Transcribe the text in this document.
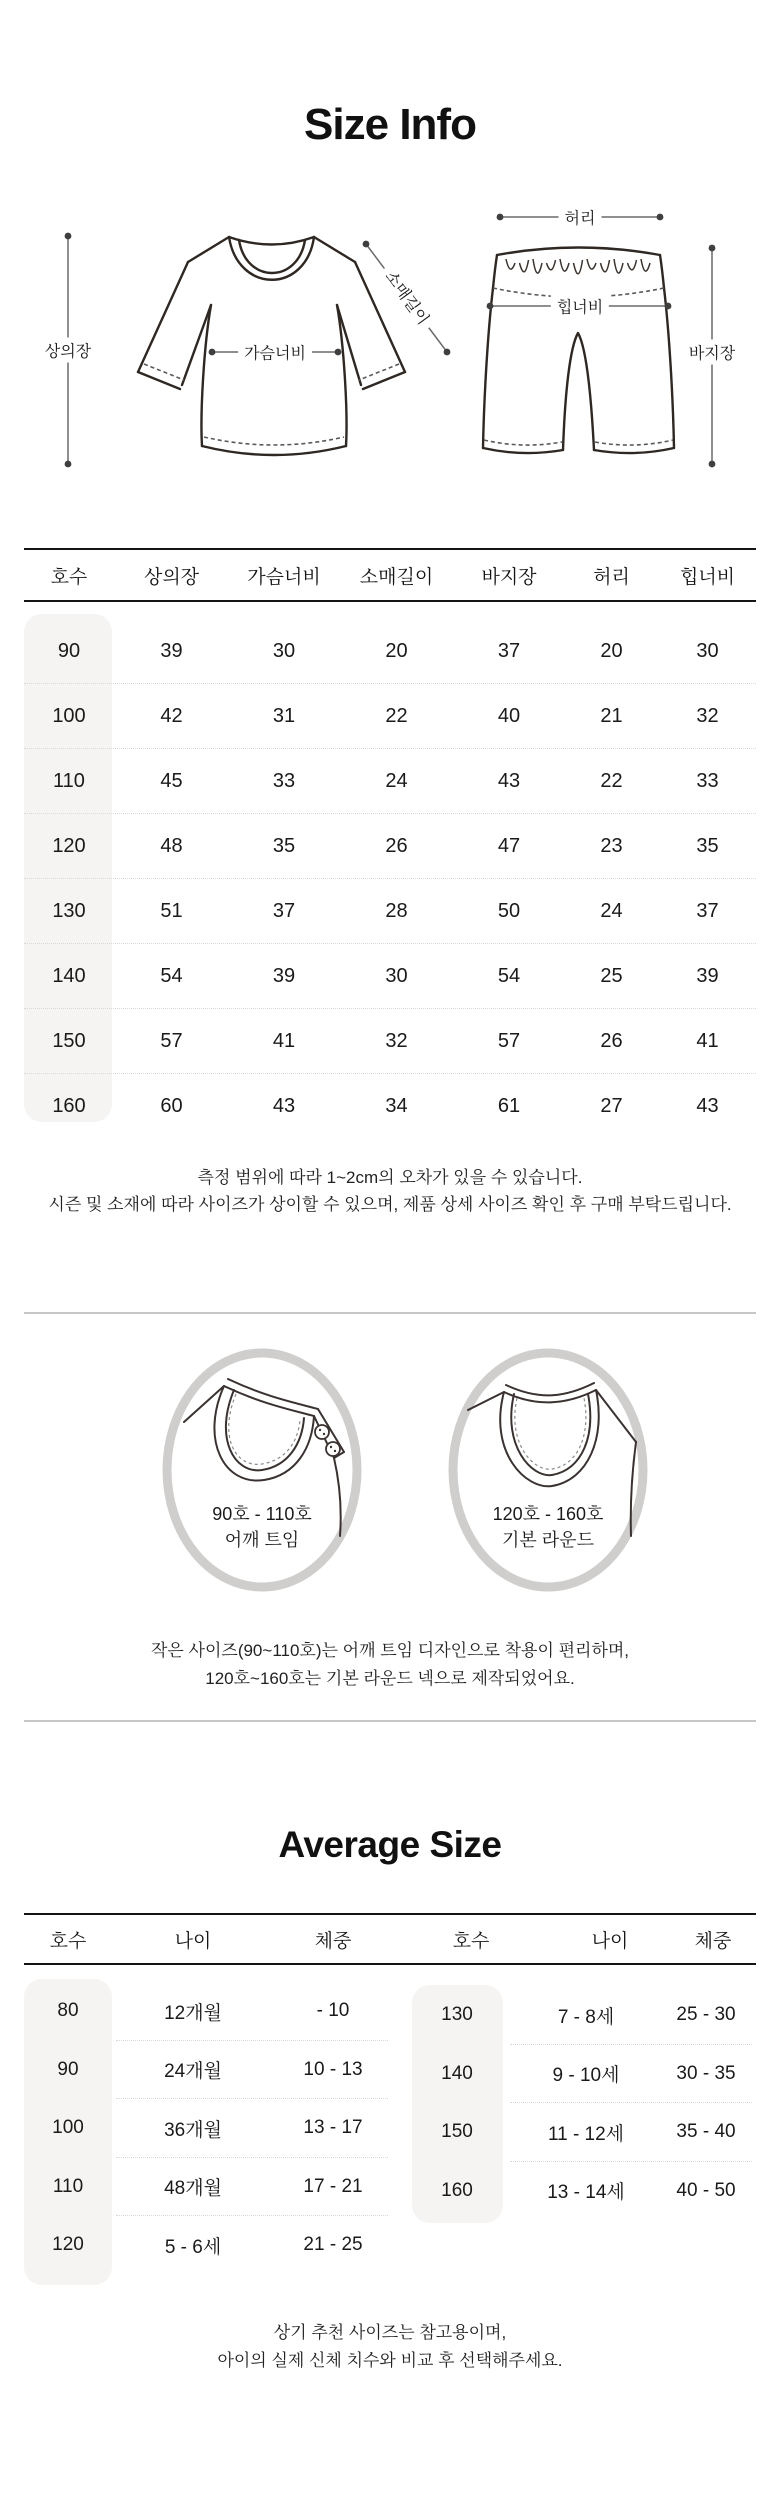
Size Info
상의장	가슴너비
소매길이
허리
힙너비
바지장
호수	상의장	가슴너비	소매길이	바지장	허리	힙너비
90	39	30	20	37	20	30
100	42	31	22	40	21	32
110	45	33	24	43	22	33
120	48	35	26	47	23	35
130	51	37	28	50	24	37
140	54	39	30	54	25	39
150	57	41	32	57	26	41
160	60	43	34	61	27	43
측정 범위에 따라 1~2cm의 오차가 있을 수 있습니다.
시즌 및 소재에 따라 사이즈가 상이할 수 있으며, 제품 상세 사이즈 확인 후 구매 부탁드립니다.
90호 - 110호
어깨 트임
120호 - 160호
기본 라운드
작은 사이즈(90~110호)는 어깨 트임 디자인으로 착용이 편리하며,
120호~160호는 기본 라운드 넥으로 제작되었어요.
Average Size
호수	나이	체중	호수	나이	체중
80	12개월	- 10
90	24개월	10 - 13
100	36개월	13 - 17
110	48개월	17 - 21
120	5 - 6세	21 - 25
130	7 - 8세	25 - 30
140	9 - 10세	30 - 35
150	11 - 12세	35 - 40
160	13 - 14세	40 - 50
상기 추천 사이즈는 참고용이며,
아이의 실제 신체 치수와 비교 후 선택해주세요.
